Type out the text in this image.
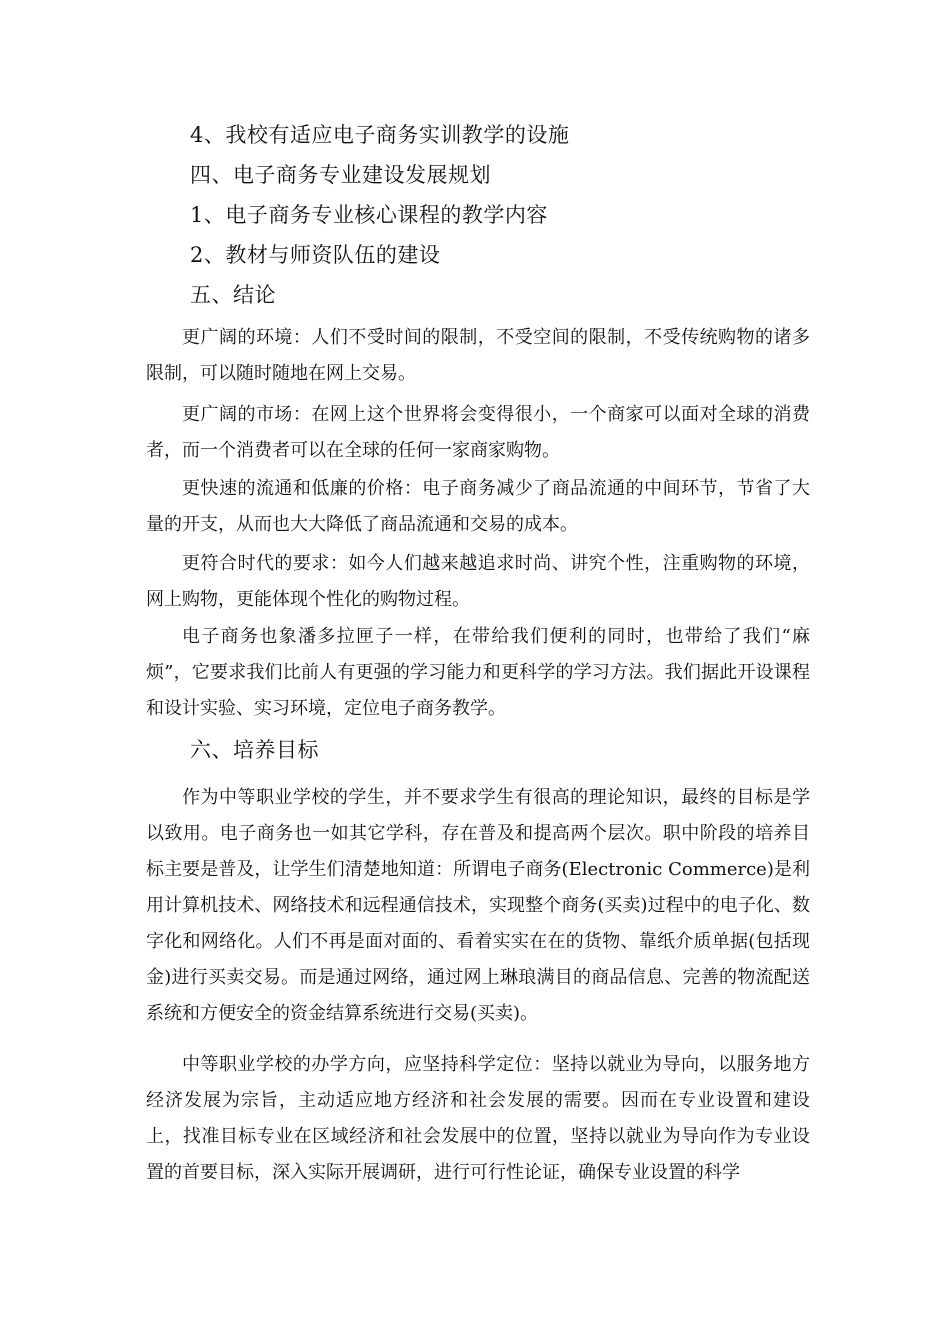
4、我校有适应电子商务实训教学的设施
四、电子商务专业建设发展规划
1、电子商务专业核心课程的教学内容
2、教材与师资队伍的建设
五、结论

更广阔的环境：人们不受时间的限制，不受空间的限制，不受传统购物的诸多限制，可以随时随地在网上交易。

更广阔的市场：在网上这个世界将会变得很小，一个商家可以面对全球的消费者，而一个消费者可以在全球的任何一家商家购物。

更快速的流通和低廉的价格：电子商务减少了商品流通的中间环节，节省了大量的开支，从而也大大降低了商品流通和交易的成本。

更符合时代的要求：如今人们越来越追求时尚、讲究个性，注重购物的环境，网上购物，更能体现个性化的购物过程。

电子商务也象潘多拉匣子一样，在带给我们便利的同时，也带给了我们“麻烦”，它要求我们比前人有更强的学习能力和更科学的学习方法。我们据此开设课程和设计实验、实习环境，定位电子商务教学。

六、培养目标

作为中等职业学校的学生，并不要求学生有很高的理论知识，最终的目标是学以致用。电子商务也一如其它学科，存在普及和提高两个层次。职中阶段的培养目标主要是普及，让学生们清楚地知道：所谓电子商务(Electronic Commerce)是利用计算机技术、网络技术和远程通信技术，实现整个商务(买卖)过程中的电子化、数字化和网络化。人们不再是面对面的、看着实实在在的货物、靠纸介质单据(包括现金)进行买卖交易。而是通过网络，通过网上琳琅满目的商品信息、完善的物流配送系统和方便安全的资金结算系统进行交易(买卖)。

中等职业学校的办学方向，应坚持科学定位：坚持以就业为导向，以服务地方经济发展为宗旨，主动适应地方经济和社会发展的需要。因而在专业设置和建设上，找准目标专业在区域经济和社会发展中的位置，坚持以就业为导向作为专业设置的首要目标，深入实际开展调研，进行可行性论证，确保专业设置的科学
